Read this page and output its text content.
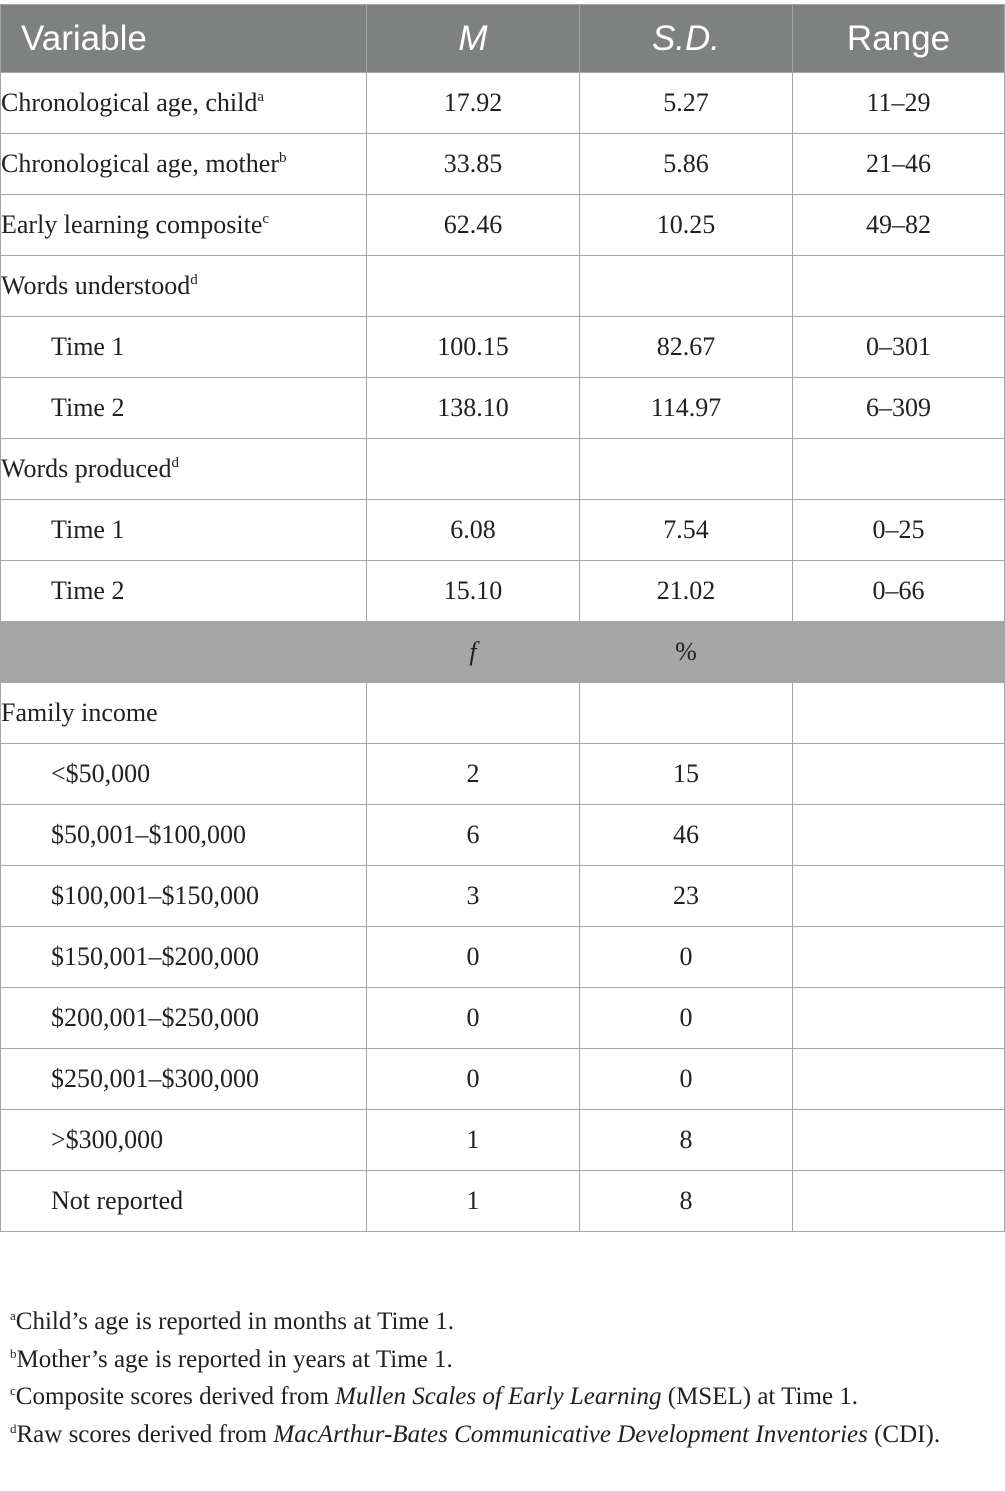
Variable	M	S.D.	Range
Chronological age, child$^a$	17.92	5.27	11–29
Chronological age, mother$^b$	33.85	5.86	21–46
Early learning composite$^c$	62.46	10.25	49–82
Words understood$^d$			
Time 1	100.15	82.67	0–301
Time 2	138.10	114.97	6–309
Words produced$^d$			
Time 1	6.08	7.54	0–25
Time 2	15.10	21.02	0–66
	f	%	
Family income			
<$50,000	2	15	
$50,001–$100,000	6	46	
$100,001–$150,000	3	23	
$150,001–$200,000	0	0	
$200,001–$250,000	0	0	
$250,001–$300,000	0	0	
>$300,000	1	8	
Not reported	1	8	

$^a$Child’s age is reported in months at Time 1.

$^b$Mother’s age is reported in years at Time 1.

$^c$Composite scores derived from Mullen Scales of Early Learning (MSEL) at Time 1.

$^d$Raw scores derived from MacArthur-Bates Communicative Development Inventories (CDI).
